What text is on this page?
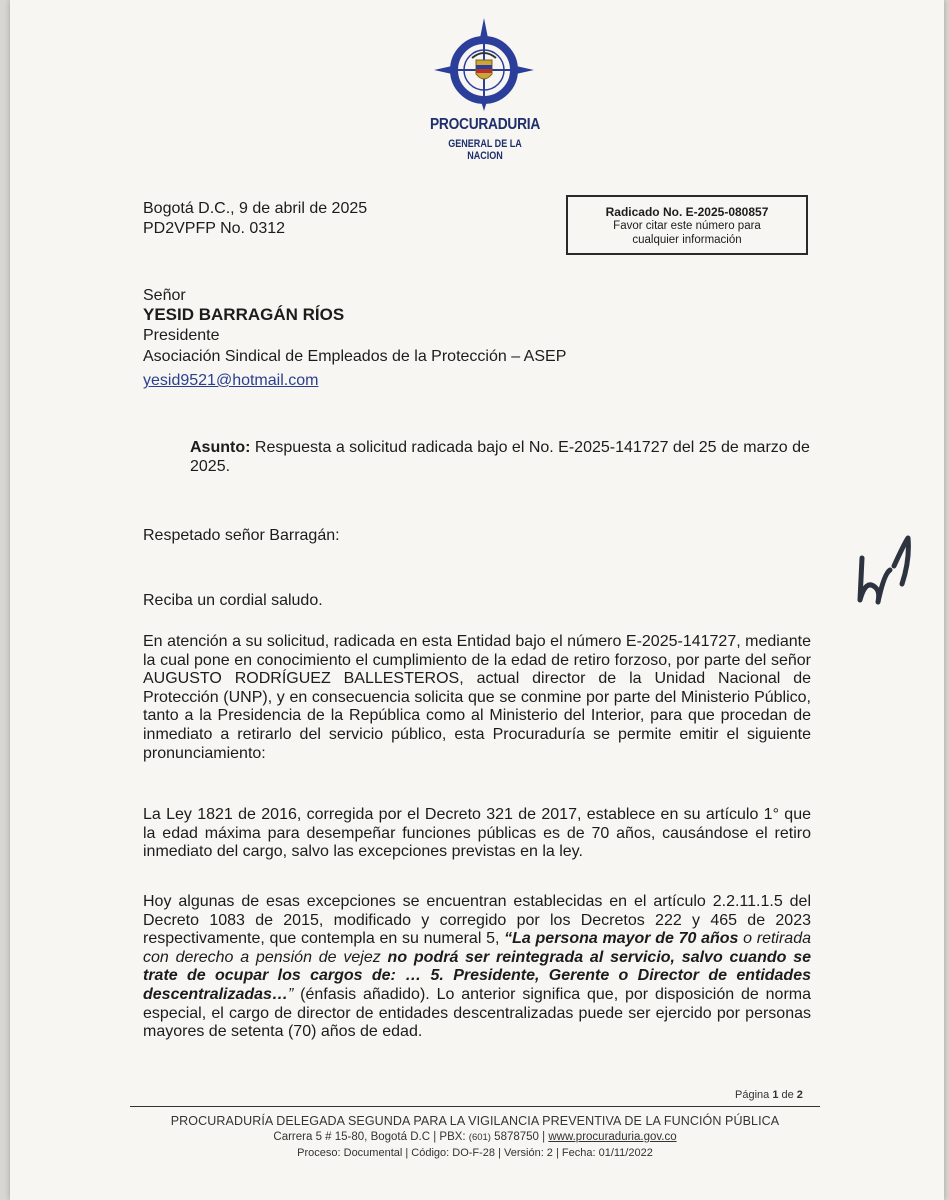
PROCURADURIA
GENERAL DE LA NACION
Bogotá D.C., 9 de abril de 2025
PD2VPFP No. 0312
Radicado No. E-2025-080857
Favor citar este número para
cualquier información
Señor
YESID BARRAGÁN RÍOS
Presidente
Asociación Sindical de Empleados de la Protección – ASEP
yesid9521@hotmail.com
Asunto: Respuesta a solicitud radicada bajo el No. E-2025-141727 del 25 de marzo de 2025.
Respetado señor Barragán:
Reciba un cordial saludo.
En atención a su solicitud, radicada en esta Entidad bajo el número E-2025-141727, mediante la cual pone en conocimiento el cumplimiento de la edad de retiro forzoso, por parte del señor AUGUSTO RODRÍGUEZ BALLESTEROS, actual director de la Unidad Nacional de Protección (UNP), y en consecuencia solicita que se conmine por parte del Ministerio Público, tanto a la Presidencia de la República como al Ministerio del Interior, para que procedan de inmediato a retirarlo del servicio público, esta Procuraduría se permite emitir el siguiente pronunciamiento:
La Ley 1821 de 2016, corregida por el Decreto 321 de 2017, establece en su artículo 1° que la edad máxima para desempeñar funciones públicas es de 70 años, causándose el retiro inmediato del cargo, salvo las excepciones previstas en la ley.
Hoy algunas de esas excepciones se encuentran establecidas en el artículo 2.2.11.1.5 del Decreto 1083 de 2015, modificado y corregido por los Decretos 222 y 465 de 2023 respectivamente, que contempla en su numeral 5, “La persona mayor de 70 años o retirada con derecho a pensión de vejez no podrá ser reintegrada al servicio, salvo cuando se trate de ocupar los cargos de: … 5. Presidente, Gerente o Director de entidades descentralizadas…” (énfasis añadido). Lo anterior significa que, por disposición de norma especial, el cargo de director de entidades descentralizadas puede ser ejercido por personas mayores de setenta (70) años de edad.
Página 1 de 2
PROCURADURÍA DELEGADA SEGUNDA PARA LA VIGILANCIA PREVENTIVA DE LA FUNCIÓN PÚBLICA
Carrera 5 # 15-80, Bogotá D.C | PBX: (601) 5878750 | www.procuraduria.gov.co
Proceso: Documental | Código: DO-F-28 | Versión: 2 | Fecha: 01/11/2022
